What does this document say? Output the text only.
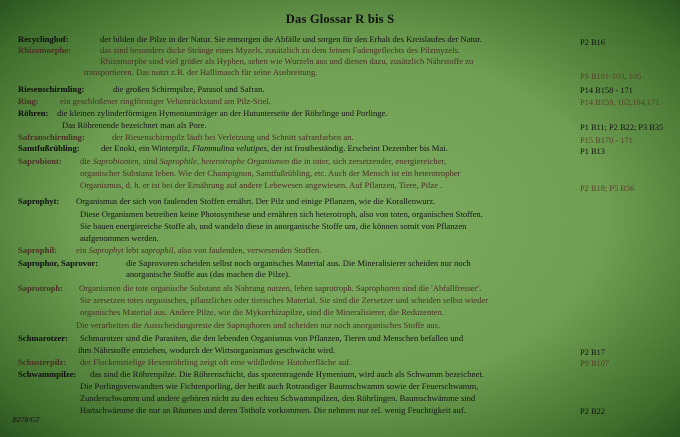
Das Glossar R bis S
Recyclinghof:	der bilden die Pilze in der Natur. Sie entsorgen die Abfälle und sorgen für den Erhalt des Kreislaufes der Natur.	P2 B16
Rhizomorphe:	das sind besonders dicke Stränge eines Myzels, zusätzlich zu dem feinen Fadengeflechts des Pilzmyzels.
Rhizomorphe sind viel größer als Hyphen, sehen wie Wurzeln aus und dienen dazu, zusätzlich Nährstoffe zu
transportieren. Das nutzt z.B. der Hallimasch für seine Ausbreitung.	P9 B101-103, 105
Riesenschirmling:	die großen Schirmpilze, Parasol und Safran.	P14 B158 - 171
Ring: ein geschloßener ringförmiger Velumrückstand am Pilz-Stiel.	P14 B159, 162,164,171
Röhren: die kleinen zylinderförmigen Hymeniumträger an der Hutunterseite der Röhrlinge und Porlinge.
Das Röhrenende bezeichnet man als Pore.	P1 B11; P2 B22; P3 B35
Safranschirmling:	der Riesenschirmpilz läuft bei Verletzung und Schnitt safranfarben an.	P15 B170 - 171
Samtfußrübling: der Enoki, ein Winterpilz, Flammulina velutipes, der ist frostbeständig. Erscheint Dezember bis Mai.	P1 B13
Saprobiont: die Saprobionten, sind Saprophile, heterotrophe Organismen die in toter, sich zersetzender, energiereicher,
organischer Substanz leben. Wie der Champignon, Samtfußrübling, etc. Auch der Mensch ist ein heterotropher
Organismus, d. h. er ist bei der Ernährung auf andere Lebewesen angewiesen. Auf Pflanzen, Tiere, Pilze .	P2 B18; P5 B56
Saprophyt: Organismus der sich von faulenden Stoffen ernährt. Der Pilz und einige Pflanzen, wie die Korallenwurz.
Diese Organismen betreiben keine Photosynthese und ernähren sich heterotroph, also von toten, organischen Stoffen.
Sie bauen energiereiche Stoffe ab, und wandeln diese in anorganische Stoffe um, die können somit von Pflanzen
aufgenommen werden.
Saprophil: ein Saprophyt lebt saprophil, also von faulenden, verwesenden Stoffen.
Saprophor, Saprovor:	die Saprovoren scheiden selbst noch organisches Material aus. Die Mineralisierer scheiden nur noch
anorganische Stoffe aus (das machen die Pilze).
Saprotroph: Organismen die tote organische Substanz als Nahrung nutzen, leben saprotroph. Saprophoren sind die 'Abfallfresser'.
Sie zersetzen totes organisches, pflanzliches oder tierisches Material. Sie sind die Zersetzer und scheiden selbst wieder
organisches Material aus. Andere Pilze, wie die Mykorrhizapilze, sind die Mineralisierer, die Reduzenten.
Die verarbeiten die Ausscheidungsreste der Saprophoren und scheiden nur noch anorganisches Stoffe aus.
Schmarotzer: Schmarotzer sind die Parasiten, die den lebenden Organismus von Pflanzen, Tieren und Menschen befallen und
ihm Nährstoffe entziehen, wodurch der Wirtsorganismus geschwächt wird.	P2 B17
Schusterpilz: der Flockenstielige Hexenröhrling zeigt oft eine wildledene Hutoberfläche auf.	P9 B107
Schwammpilze: das sind die Röhrenpilze. Die Röhrenschicht, das sporentragende Hymenium, wird auch als Schwamm bezeichnet.
Die Porlingsverwandten wie Fichtenporling, der heißt auch Rotrandiger Baumschwamm sowie der Feuerschwamm,
Zunderschwamm und andere gehören nicht zu den echten Schwammpilzen, den Röhrlingen. Baumschwämme sind
Hartschwämme die nur an Bäumen und deren Totholz vorkommen. Die nehmen nur rel. wenig Feuchtigkeit auf.	P2 B22
B278/G7
